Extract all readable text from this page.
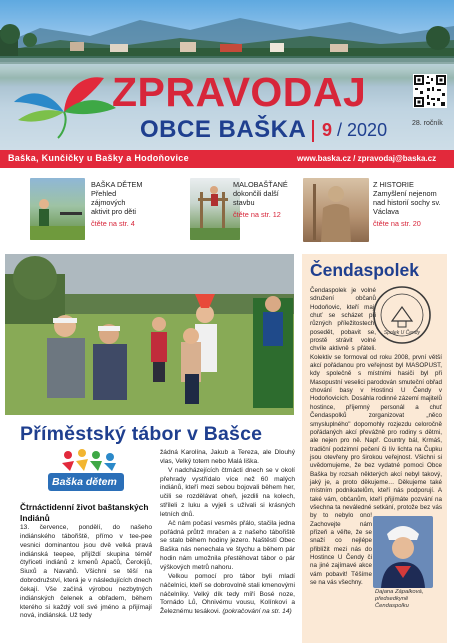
ZPRAVODAJ
OBCE BAŠKA 9 / 2020	28. ročník
Baška, Kunčičky u Bašky a Hodoňovice	www.baska.cz / zpravodaj@baska.cz
BAŠKA DĚTEM
Přehled zájmových aktivit pro děti
čtěte na str. 4
MALOBAŠŤANÉ
dokončili další stavbu
čtěte na str. 12
Z HISTORIE
Zamyšlení nejenom nad historií sochy sv. Václava
čtěte na str. 20
Příměstský tábor v Bašce
Baška dětem
Čtrnáctidenní život baštanských Indiánů
13. července, pondělí, do našeho indiánského tábořiště, přímo v tee-pee vesnici dominantou jsou dvě velká pravá indiánská teepee, přijíždí skupina téměř čtyřiceti indiánů z kmenů Apačů, Čerokíjů, Siuxů a Navahů. Všichni se těší na dobrodružství, která je v následujících dnech čekají. Vše začíná výrobou nezbytných indiánských čelenek a obřadem, během kterého si každý volí své jméno a přijímají nová, indiánská. Už tedy

žádná Karolína, Jakub a Tereza, ale Dlouhý vlas, Velký totem nebo Malá liška.

V nadcházejících čtrnácti dnech se v okolí přehrady vystřídalo více než 60 malých indiánů, kteří mezi sebou bojovali během her, učili se rozdělávat oheň, jezdili na kolech, stříleli z luku a vyjeli s užívali si krásných letních dnů.

Ač nám počasí vesměs přálo, stačila jedna pořádná průtrž mračen a z našeho tábořiště se stalo během hodiny jezero. Naštěstí Obec Baška nás nenechala ve štychu a během pár hodin nám umožnila přestěhovat tábor o pár výškových metrů nahoru.

Velkou pomocí pro tábor byli mladí náčelníci, kteří se dobrovolně stali kmenovými náčelníky. Velký dík tedy míří Bosé noze, Tornádo Lů, Ohnivému vousu, Kolínkovi a Železnému tesákovi. (pokračování na str. 14)

Čendaspolek
Čendaspolek je volné sdružení občanů Hodoňovic, kteří mají chuť se scházet při různých příležitostech, posedět, pobavit se, prostě strávit volné chvíle aktivně s přáteli. Kolektiv se formoval od roku 2008, první větší akcí pořádanou pro veřejnost byl MASOPUST, kdy společně s místními hasiči byl při Masopustní veselici parodován smuteční obřad chování basy v Hostinci U Čendy v Hodoňovicích. Dosáhla rodinné zázemí majitelů hostince, příjemný personál a chuť Čendaspolků zorganizovat „něco smysluplného" dopomohly rozjezdu celoročně pořádaných akcí převážně pro rodiny s dětmi, ale nejen pro ně. Např. Country bál, Krmáš, tradiční podzimní pečení či lív lichta na Čupku jsou otevřeny pro širokou veřejnost. Všichni si uvědomujeme, že bez vydatné pomoci Obce Baška by rozsah některých akcí nebyl takový, jaký je, a proto děkujeme… Děkujeme také místním podnikatelům, kteří nás podporují. A také vám, občanům, kteří přijímáte pozvání na všechna ta neváledné setkání, protože bez vás by to nebylo ono! Zachovejte nám přízeň a věřte, že se snaží co nejlépe přiblížit mezi nás do Hostince U Čendy či na jiné zajímavé akce vám pobavit! Těšíme se na vás všechny.
Spolek U Čendy
Dajana Zápalková, předsedkyně Čendaspolku
